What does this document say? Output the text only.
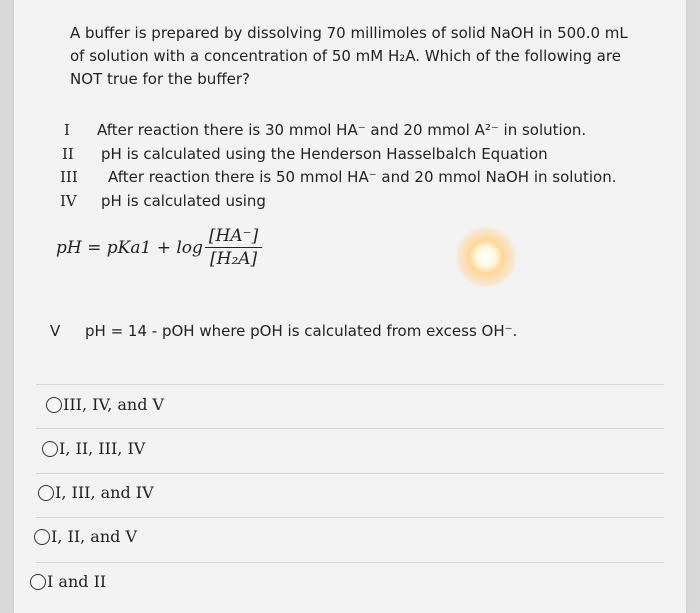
A buffer is prepared by dissolving 70 millimoles of solid NaOH in 500.0 mL
of solution with a concentration of 50 mM H₂A. Which of the following are
NOT true for the buffer?
I After reaction there is 30 mmol HA⁻ and 20 mmol A²⁻ in solution.
II pH is calculated using the Henderson Hasselbalch Equation
III After reaction there is 50 mmol HA⁻ and 20 mmol NaOH in solution.
IV pH is calculated using
pH = $pKa1 + \log \frac{[HA^-]}{\text{[H₂A]}}$
V pH = 14 - pOH where pOH is calculated from excess OH⁻.
III, IV, and V
I, II, III, IV
I, III, and IV
I, II, and V
I and II
